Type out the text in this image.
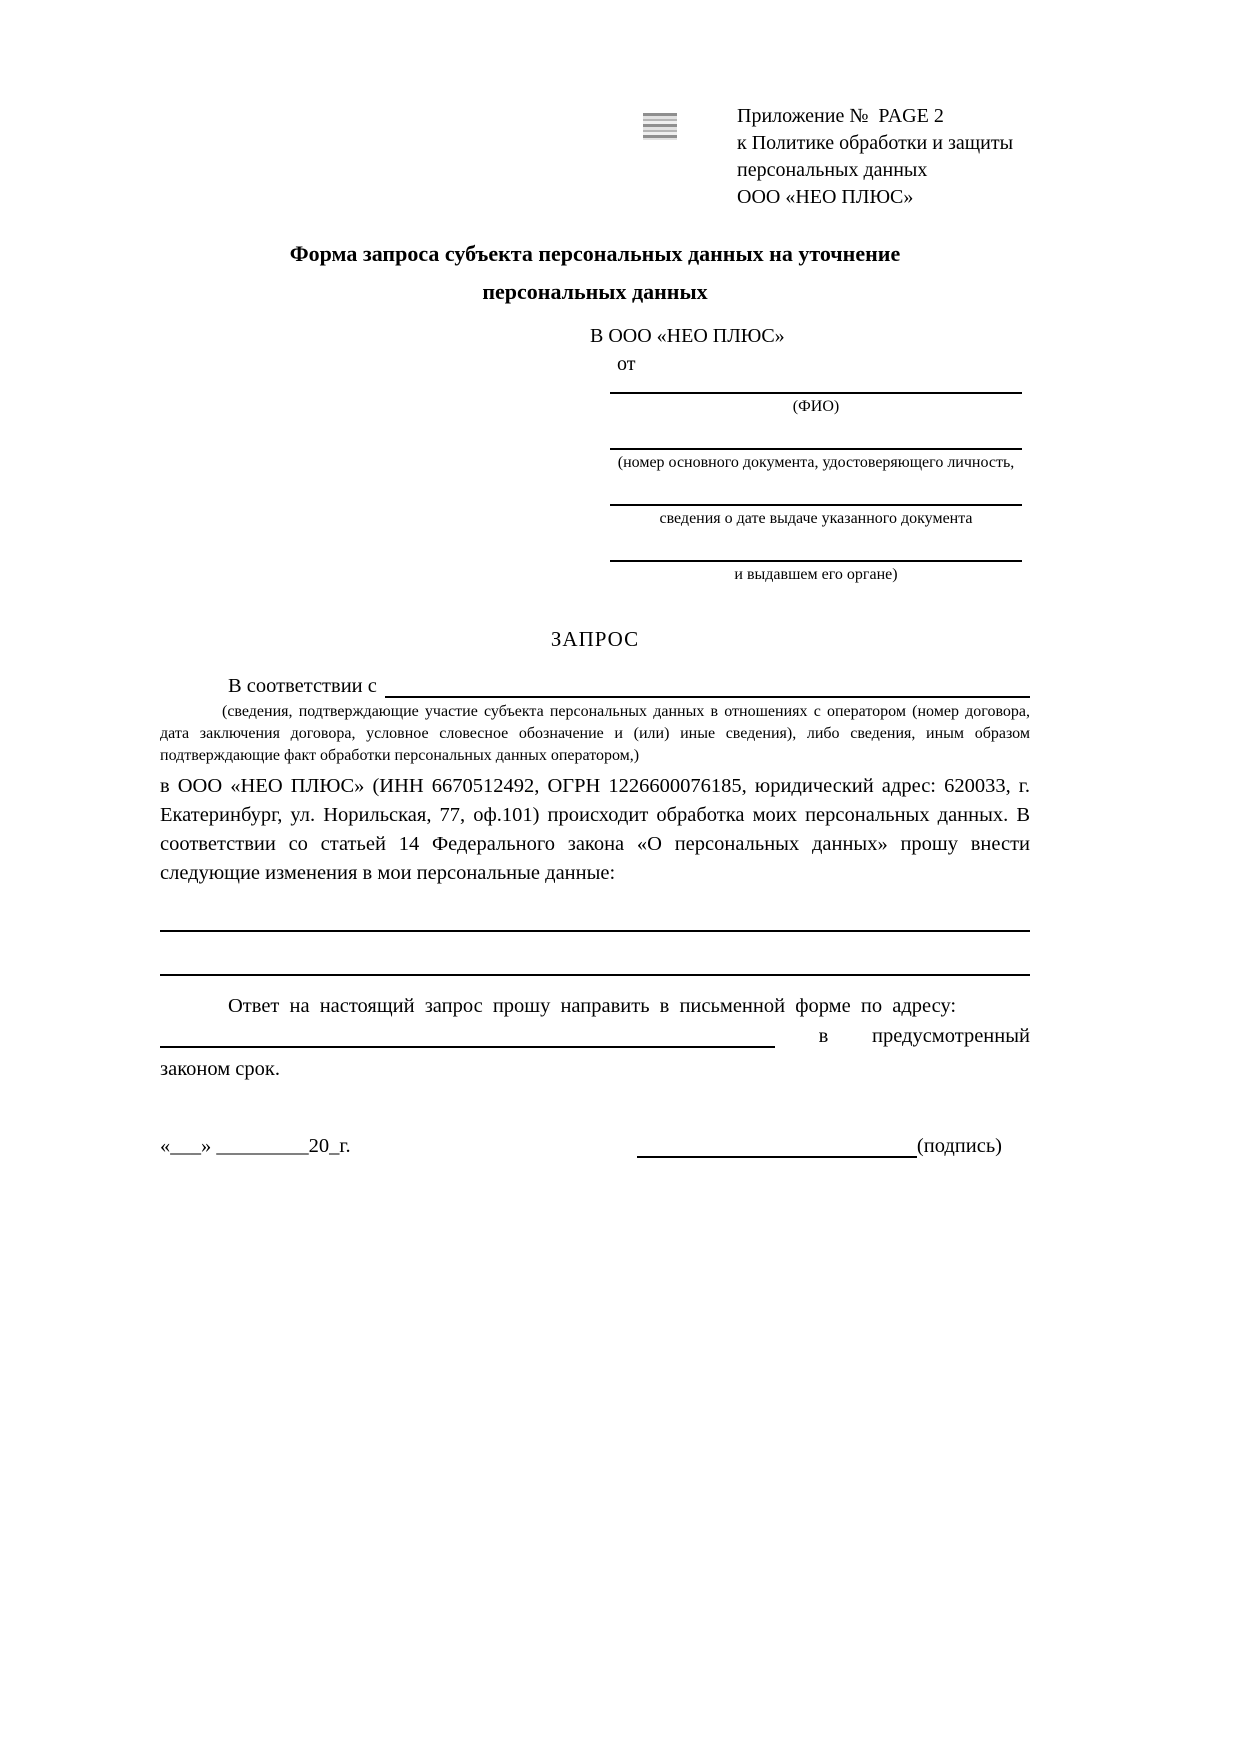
Приложение №  PAGE 2
к Политике обработки и защиты
персональных данных
ООО «НЕО ПЛЮС»
Форма запроса субъекта персональных данных на уточнение
персональных данных
В ООО «НЕО ПЛЮС»
от
(ФИО)
(номер основного документа, удостоверяющего личность,
сведения о дате выдаче указанного документа
и выдавшем его органе)
ЗАПРОС
В соответствии с
(сведения, подтверждающие участие субъекта персональных данных в отношениях с оператором (номер договора, дата заключения договора, условное словесное обозначение и (или) иные сведения), либо сведения, иным образом подтверждающие факт обработки персональных данных оператором,)
в ООО «НЕО ПЛЮС» (ИНН 6670512492, ОГРН 1226600076185, юридический адрес: 620033, г. Екатеринбург, ул. Норильская, 77, оф.101) происходит обработка моих персональных данных. В соответствии со статьей 14 Федерального закона «О персональных данных» прошу внести следующие изменения в мои персональные данные:
Ответ на настоящий запрос прошу направить в письменной форме по адресу:
в предусмотренный
законом срок.
«___» _________20_г.	(подпись)
